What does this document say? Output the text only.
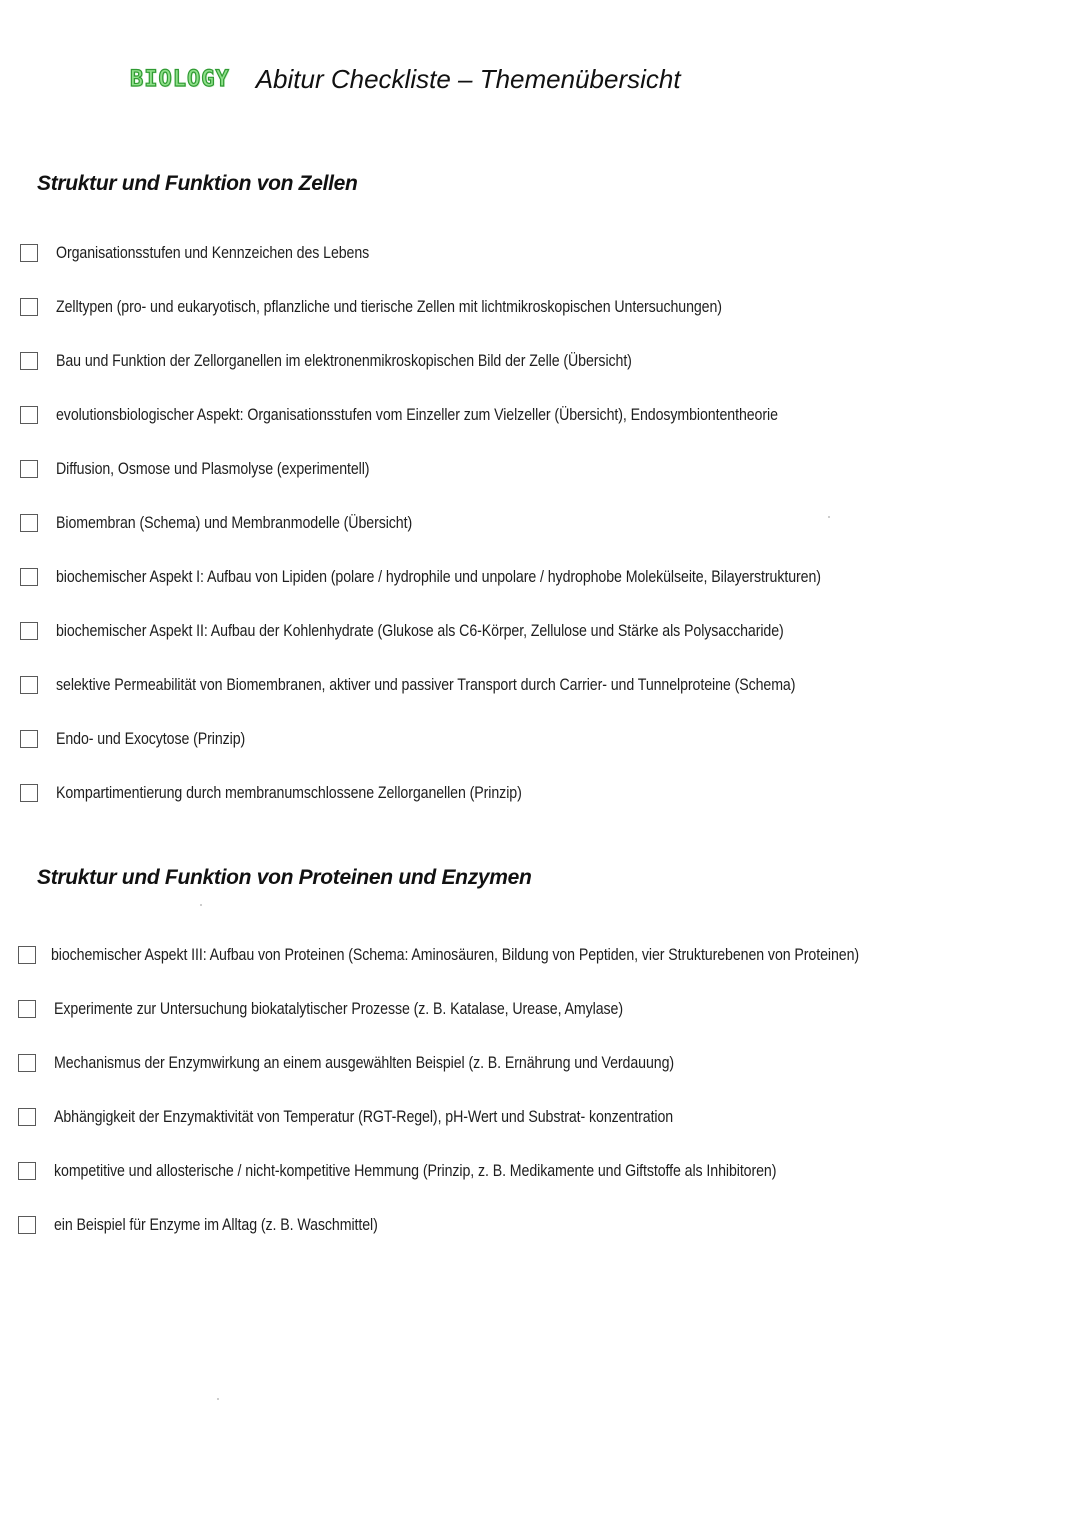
BIOLOGY Abitur Checkliste – Themenübersicht
Struktur und Funktion von Zellen
Organisationsstufen und Kennzeichen des Lebens
Zelltypen (pro- und eukaryotisch, pflanzliche und tierische Zellen mit lichtmikroskopischen Untersuchungen)
Bau und Funktion der Zellorganellen im elektronenmikroskopischen Bild der Zelle (Übersicht)
evolutionsbiologischer Aspekt: Organisationsstufen vom Einzeller zum Vielzeller (Übersicht), Endosymbiontentheorie
Diffusion, Osmose und Plasmolyse (experimentell)
Biomembran (Schema) und Membranmodelle (Übersicht)
biochemischer Aspekt I: Aufbau von Lipiden (polare / hydrophile und unpolare / hydrophobe Molekülseite, Bilayerstrukturen)
biochemischer Aspekt II: Aufbau der Kohlenhydrate (Glukose als C6-Körper, Zellulose und Stärke als Polysaccharide)
selektive Permeabilität von Biomembranen, aktiver und passiver Transport durch Carrier- und Tunnelproteine (Schema)
Endo- und Exocytose (Prinzip)
Kompartimentierung durch membranumschlossene Zellorganellen (Prinzip)
Struktur und Funktion von Proteinen und Enzymen
biochemischer Aspekt III: Aufbau von Proteinen (Schema: Aminosäuren, Bildung von Peptiden, vier Strukturebenen von Proteinen)
Experimente zur Untersuchung biokatalytischer Prozesse (z. B. Katalase, Urease, Amylase)
Mechanismus der Enzymwirkung an einem ausgewählten Beispiel (z. B. Ernährung und Verdauung)
Abhängigkeit der Enzymaktivität von Temperatur (RGT-Regel), pH-Wert und Substrat- konzentration
kompetitive und allosterische / nicht-kompetitive Hemmung (Prinzip, z. B. Medikamente und Giftstoffe als Inhibitoren)
ein Beispiel für Enzyme im Alltag (z. B. Waschmittel)
